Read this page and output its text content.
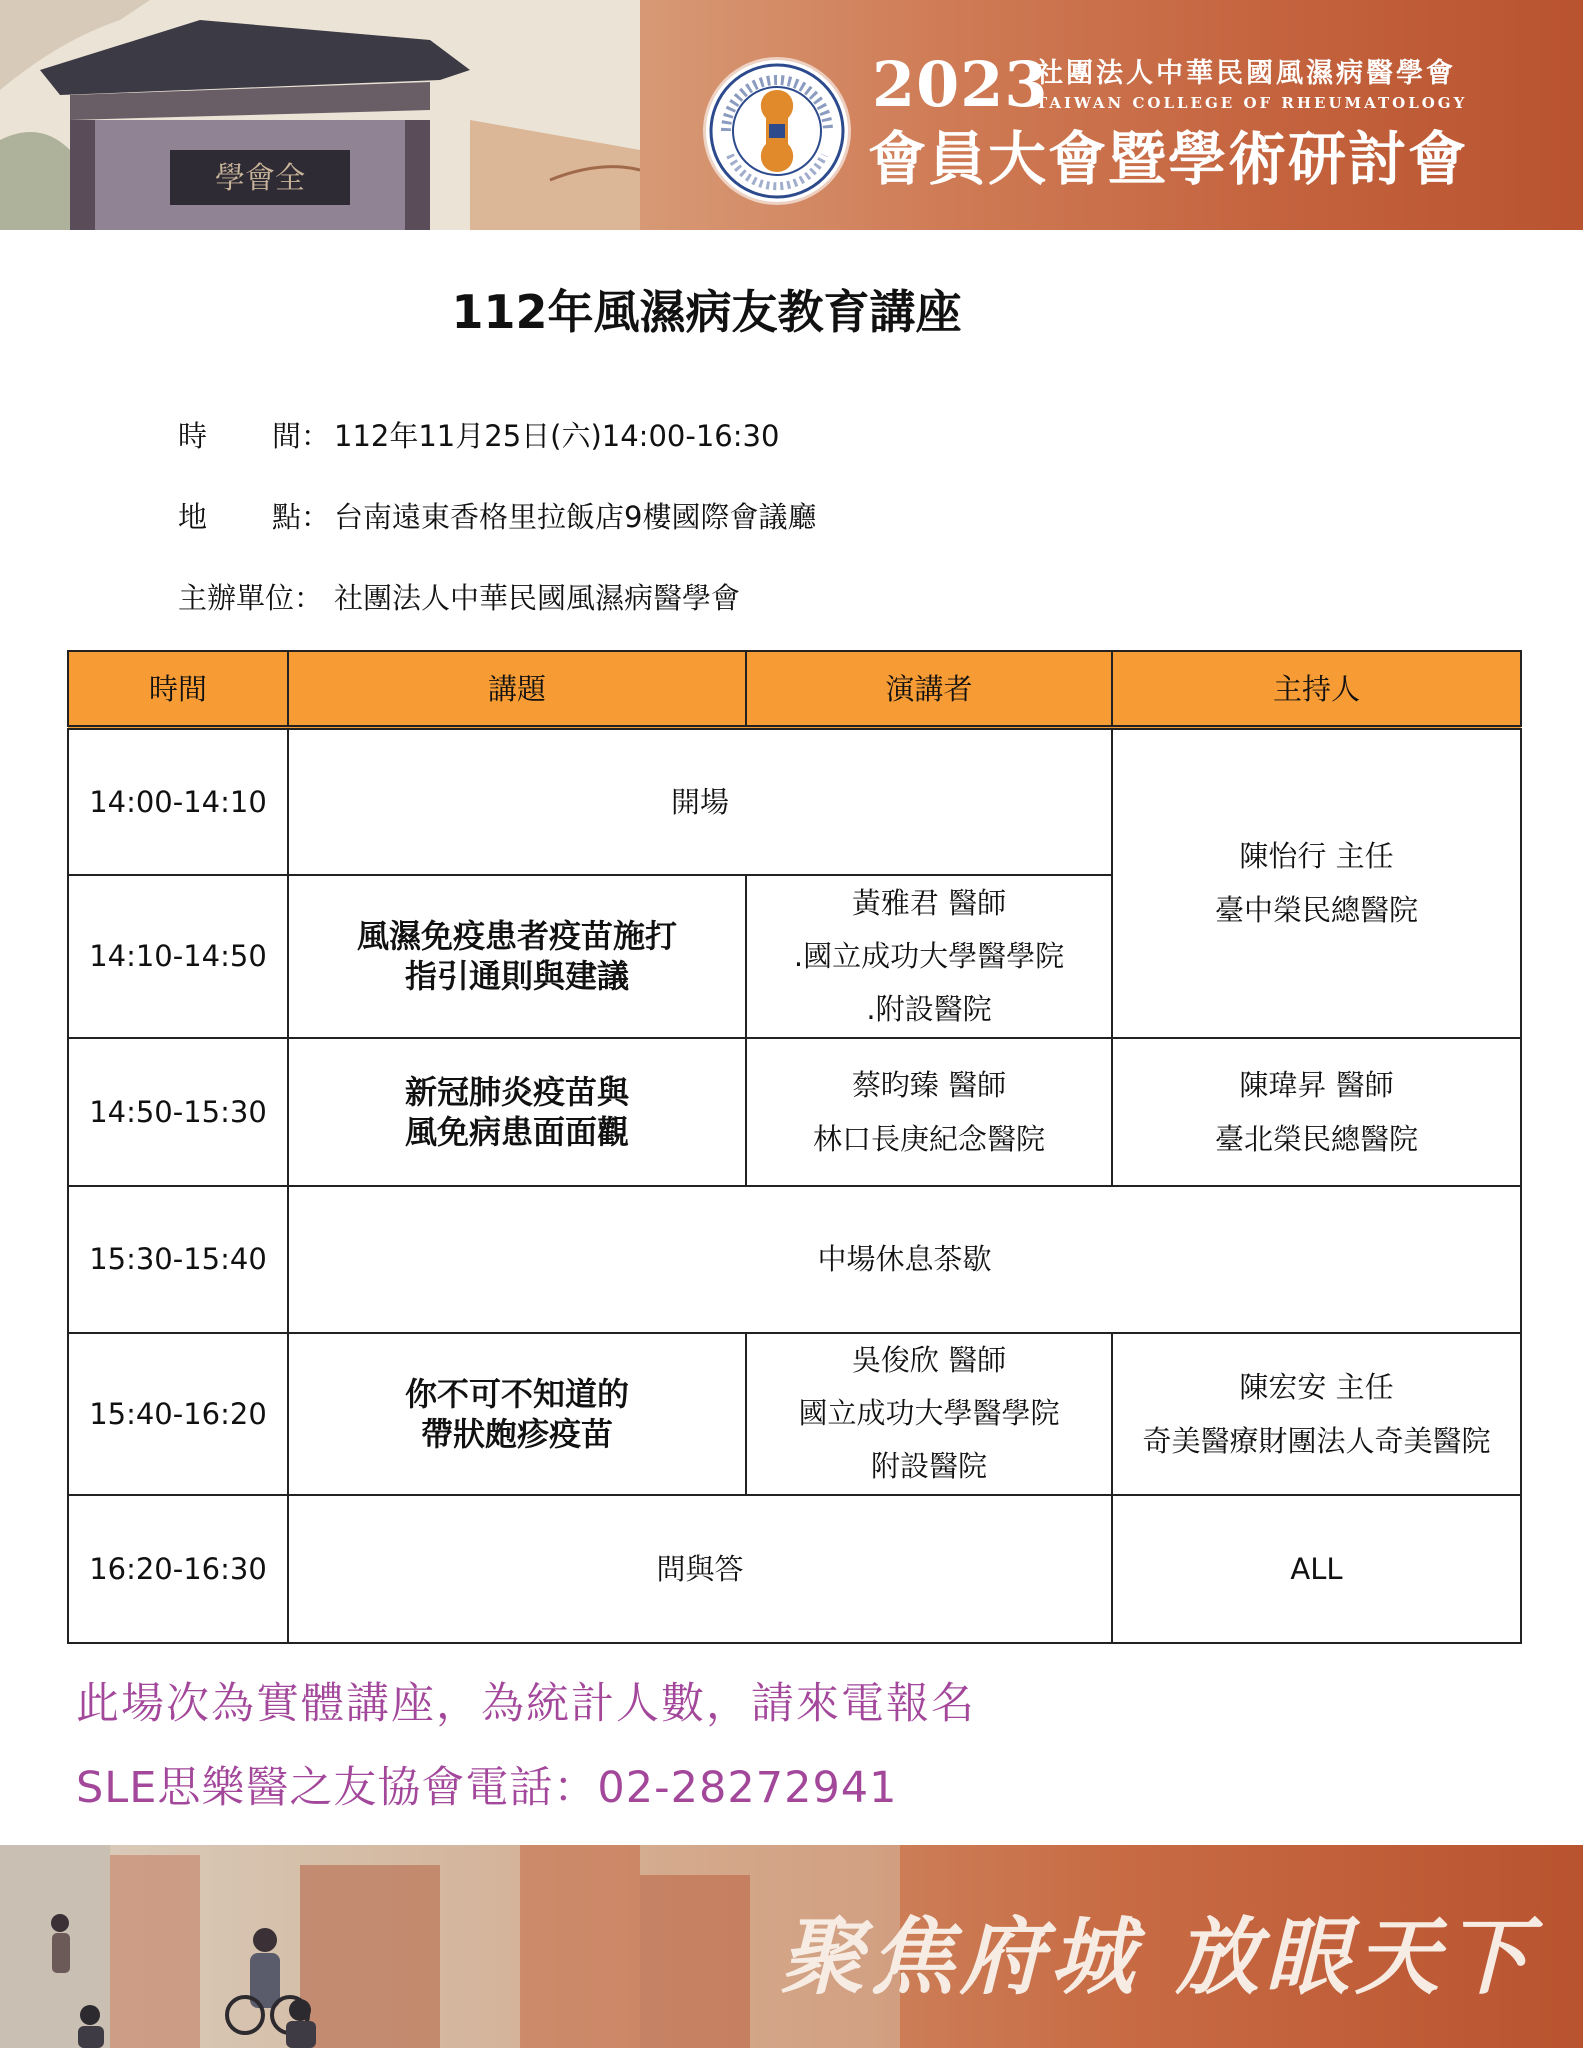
學會全
2023
社團法人中華民國風濕病醫學會
TAIWAN COLLEGE OF RHEUMATOLOGY
會員大會暨學術研討會
112年風濕病友教育講座
時 間： 112年11月25日(六)14:00-16:30
地 點： 台南遠東香格里拉飯店9樓國際會議廳
主辦單位： 社團法人中華民國風濕病醫學會
時間	講題	演講者	主持人
14:00-14:10	開場		陳怡行 主任
臺中榮民總醫院

14:10-14:50	風濕免疫患者疫苗施打
指引通則與建議	黃雅君 醫師
.國立成功大學醫學院
.附設醫院	

14:50-15:30	新冠肺炎疫苗與
風免病患面面觀	蔡昀臻 醫師
林口長庚紀念醫院	陳瑋昇 醫師
臺北榮民總醫院

15:30-15:40	中場休息茶歇		
15:40-16:20	你不可不知道的
帶狀皰疹疫苗	吳俊欣 醫師
國立成功大學醫學院
附設醫院	陳宏安 主任
奇美醫療財團法人奇美醫院

16:20-16:30	問與答		ALL
此場次為實體講座，為統計人數，請來電報名
SLE思樂醫之友協會電話：02-28272941
聚焦府城 放眼天下
